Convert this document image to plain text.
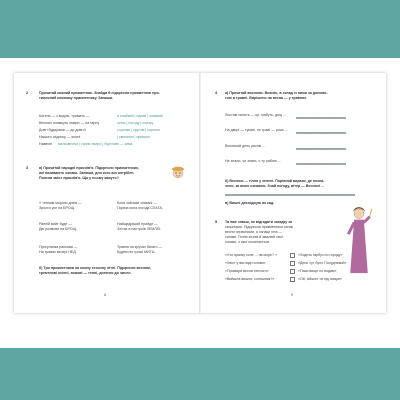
2	Прочитай кожний прикметник. Знайди й підкресли прикметник про-
тилежний кожному прикметнику. Запиши.
Котень — з водою, тримать —	в слабкий | сирий | пливкий
Весняні плямкуть хмари — на гарну	осінь | погоду | слизку
Довгі будирами — до довгої	сорочки | кругові | коротко
Нашого садочку — якісні	| хвилинні | приємні
Навесні мальовнича | сірим хмари | бурхливі — зима
3	а) Прочитай народні прислів'я. Підкресли прикметники,
які називають ознаки. Запиши, для кого він потрібен.
Поясни зміст прислів'я. Що у ньому кажуть?
У теплим морози днем —	Коли зайчики злякані —
Зрости усе на БРОЩ.	Гаряча ясна погода СЛАТА.
Ранній вийт буде —	Найщедріший прийде —
Дві розмови на БРОЩ.	Злітає в настроїв ЗЕМЛЮ.
Прогулянка ранкова —	Травня на кручах багато —
На травах вечері НЕД.	Будем ніч гроші МИТА.
б) Три прикметники на кожну сезонну літні. Підкресли весняні,
тремтливі осінні, зимові — теплі, дотягли до чисел.
8
4 а) Прочитай вислови. Визнач, в склад із ними за допомо-
гою в травні. Вирішено на весна — у травнях.
Листям хилить — це, мабуть, дощ ...
На дворі — туман, по траві — роса ...
Весняний день рясніє ...
Не знали, чи знати, о ту рабині ...
б) Весною — гілля у зелені. Порівняй вирази, де позна-
чено, за якою ознакою. Знай погоду, вітер — Весняні ...
в) Вишні досліджую як сад.
5 Ти вже знаєш, як відгадати загадку за
сюжетами. Підкресли прикметники ознак
весни червоними, а ознаки літа —
синіми. Потім зістав й змалюй свої
ознаки, з якої починається.
«Хто зранку хоче ... на море? »	«Ходить гарбуз по городу»
«Хвіст у вигляді голови»	«День тут було Полудневий»
«Примари весна теплого»	«Паси вище по водам»
«Вийшла вишня, соняшник?»	«Ой, зійшло ти під хмари»
9
